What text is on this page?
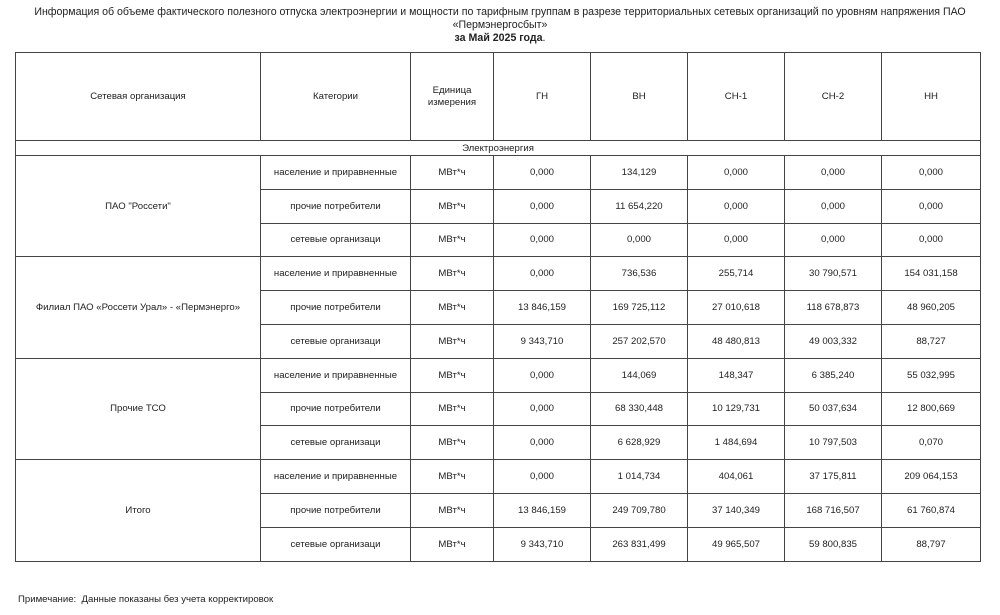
Информация об объеме фактического полезного отпуска электроэнергии и мощности по тарифным группам в разрезе территориальных сетевых организаций по уровням напряжения ПАО «Пермэнергосбыт»
за Май 2025 года.
Сетевая организация	Категории	Единица измерения	ГН	ВН	СН-1	СН-2	НН
Электроэнергия							
ПАО "Россети"	население и приравненные	МВт*ч	0,000	134,129	0,000	0,000	0,000
	прочие потребители	МВт*ч	0,000	11 654,220	0,000	0,000	0,000
	сетевые организаци	МВт*ч	0,000	0,000	0,000	0,000	0,000
Филиал ПАО «Россети Урал» - «Пермэнерго»	население и приравненные	МВт*ч	0,000	736,536	255,714	30 790,571	154 031,158
	прочие потребители	МВт*ч	13 846,159	169 725,112	27 010,618	118 678,873	48 960,205
	сетевые организаци	МВт*ч	9 343,710	257 202,570	48 480,813	49 003,332	88,727
Прочие ТСО	население и приравненные	МВт*ч	0,000	144,069	148,347	6 385,240	55 032,995
	прочие потребители	МВт*ч	0,000	68 330,448	10 129,731	50 037,634	12 800,669
	сетевые организаци	МВт*ч	0,000	6 628,929	1 484,694	10 797,503	0,070
Итого	население и приравненные	МВт*ч	0,000	1 014,734	404,061	37 175,811	209 064,153
	прочие потребители	МВт*ч	13 846,159	249 709,780	37 140,349	168 716,507	61 760,874
	сетевые организаци	МВт*ч	9 343,710	263 831,499	49 965,507	59 800,835	88,797
Примечание: Данные показаны без учета корректировок
